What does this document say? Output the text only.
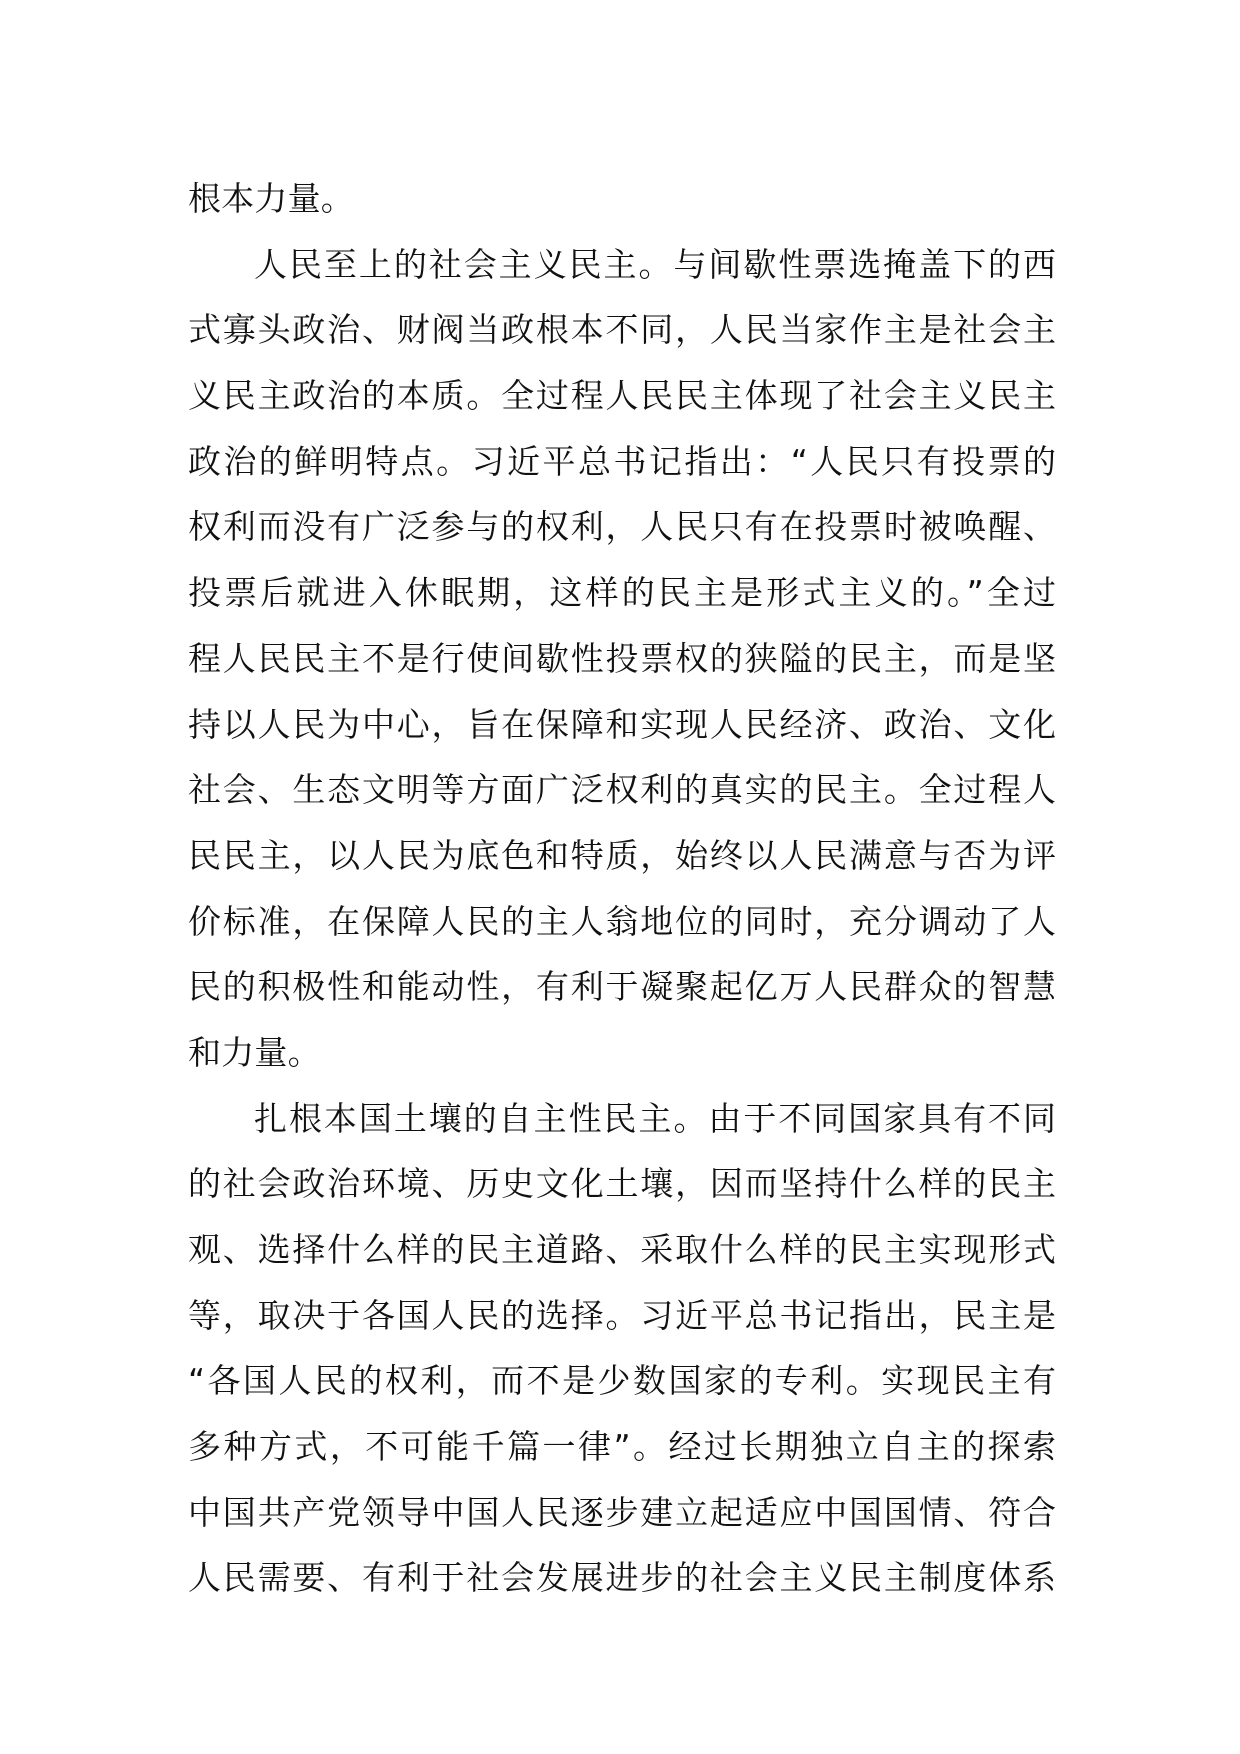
根本力量。
人民至上的社会主义民主。与间歇性票选掩盖下的西
式寡头政治、财阀当政根本不同，人民当家作主是社会主
义民主政治的本质。全过程人民民主体现了社会主义民主
政治的鲜明特点。习近平总书记指出：“人民只有投票的
权利而没有广泛参与的权利，人民只有在投票时被唤醒、
投票后就进入休眠期，这样的民主是形式主义的。”全过
程人民民主不是行使间歇性投票权的狭隘的民主，而是坚
持以人民为中心，旨在保障和实现人民经济、政治、文化
社会、生态文明等方面广泛权利的真实的民主。全过程人
民民主，以人民为底色和特质，始终以人民满意与否为评
价标准，在保障人民的主人翁地位的同时，充分调动了人
民的积极性和能动性，有利于凝聚起亿万人民群众的智慧
和力量。
扎根本国土壤的自主性民主。由于不同国家具有不同
的社会政治环境、历史文化土壤，因而坚持什么样的民主
观、选择什么样的民主道路、采取什么样的民主实现形式
等，取决于各国人民的选择。习近平总书记指出，民主是
“各国人民的权利，而不是少数国家的专利。实现民主有
多种方式，不可能千篇一律”。经过长期独立自主的探索
中国共产党领导中国人民逐步建立起适应中国国情、符合
人民需要、有利于社会发展进步的社会主义民主制度体系
